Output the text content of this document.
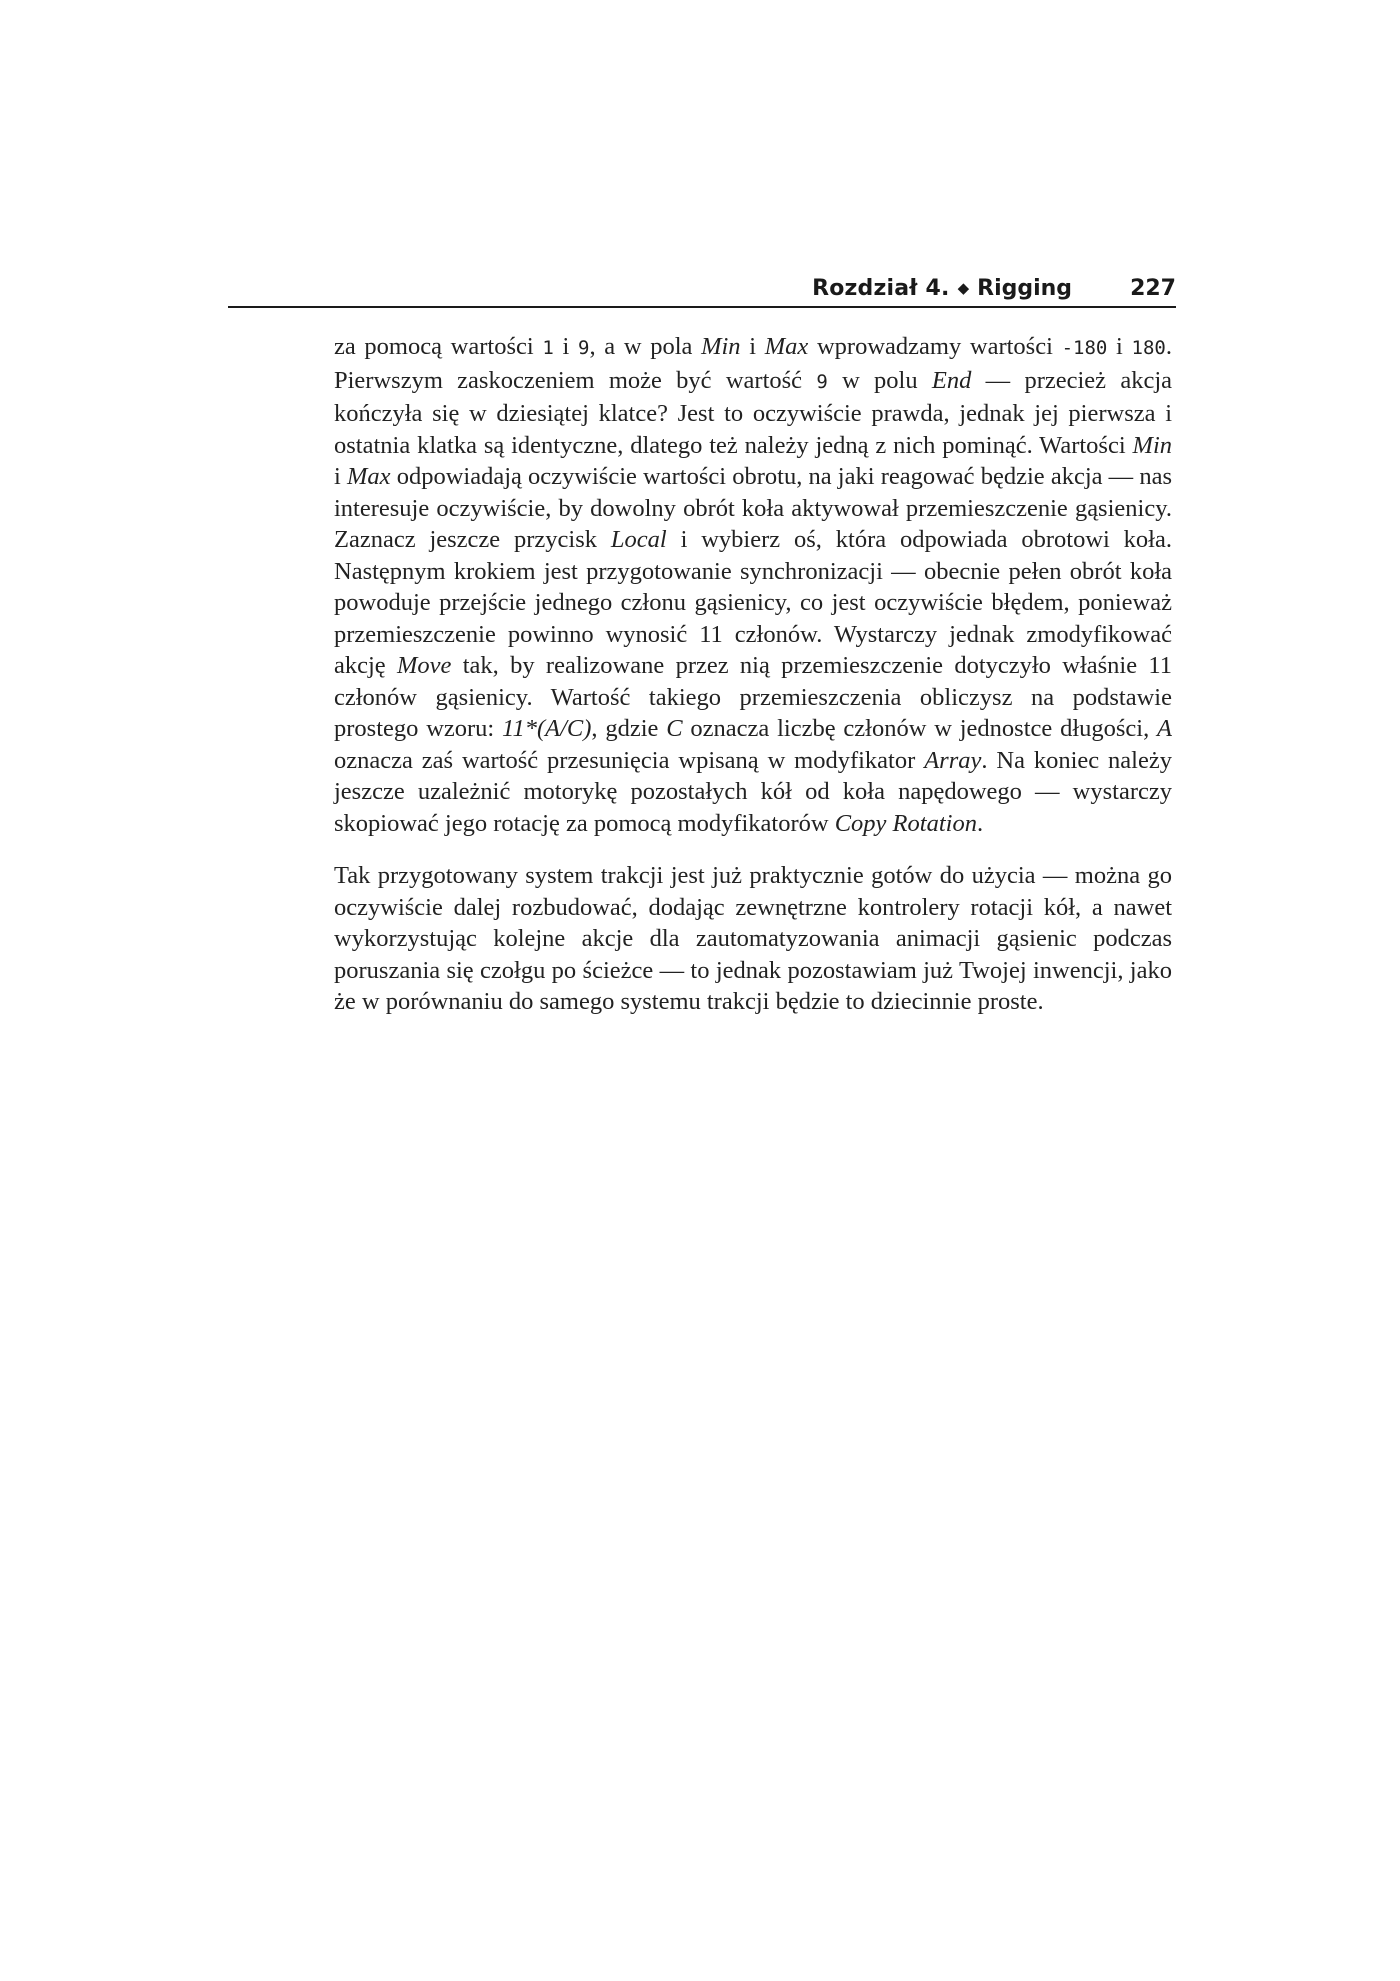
Rozdział 4. ◆ Rigging	227

za pomocą wartości 1 i 9, a w pola Min i Max wprowadzamy wartości -180 i 180. Pierwszym zaskoczeniem może być wartość 9 w polu End — przecież akcja kończyła się w dziesiątej klatce? Jest to oczywiście prawda, jednak jej pierwsza i ostatnia klatka są identyczne, dlatego też należy jedną z nich pominąć. Wartości Min i Max odpowiadają oczywiście wartości obrotu, na jaki reagować będzie akcja — nas interesuje oczywiście, by dowolny obrót koła aktywował przemieszczenie gąsienicy. Zaznacz jeszcze przycisk Local i wybierz oś, która odpowiada obrotowi koła. Następnym krokiem jest przygotowanie synchronizacji — obecnie pełen obrót koła powoduje przejście jednego członu gąsienicy, co jest oczywiście błędem, ponieważ przemieszczenie powinno wynosić 11 członów. Wystarczy jednak zmodyfikować akcję Move tak, by realizowane przez nią przemieszczenie dotyczyło właśnie 11 członów gąsienicy. Wartość takiego przemieszczenia obliczysz na podstawie prostego wzoru: 11*(A/C), gdzie C oznacza liczbę członów w jednostce długości, A oznacza zaś wartość przesunięcia wpisaną w modyfikator Array. Na koniec należy jeszcze uzależnić motorykę pozostałych kół od koła napędowego — wystarczy skopiować jego rotację za pomocą modyfikatorów Copy Rotation.

Tak przygotowany system trakcji jest już praktycznie gotów do użycia — można go oczywiście dalej rozbudować, dodając zewnętrzne kontrolery rotacji kół, a nawet wykorzystując kolejne akcje dla zautomatyzowania animacji gąsienic podczas poruszania się czołgu po ścieżce — to jednak pozostawiam już Twojej inwencji, jako że w porównaniu do samego systemu trakcji będzie to dziecinnie proste.
